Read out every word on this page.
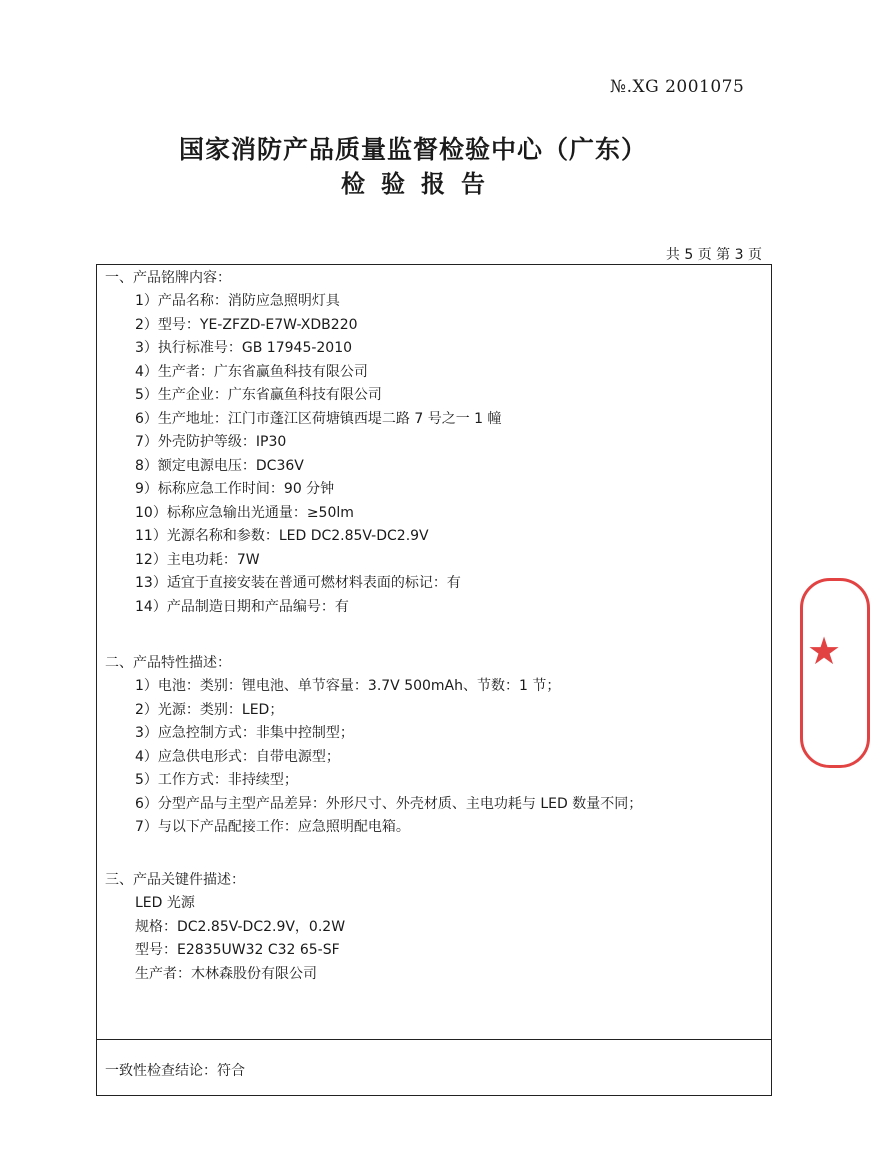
№.XG 2001075
国家消防产品质量监督检验中心（广东）
检验报告
共 5 页 第 3 页
一、产品铭牌内容：
1）产品名称：消防应急照明灯具
2）型号：YE-ZFZD-E7W-XDB220
3）执行标准号：GB 17945-2010
4）生产者：广东省赢鱼科技有限公司
5）生产企业：广东省赢鱼科技有限公司
6）生产地址：江门市蓬江区荷塘镇西堤二路 7 号之一 1 幢
7）外壳防护等级：IP30
8）额定电源电压：DC36V
9）标称应急工作时间：90 分钟
10）标称应急输出光通量：≥50lm
11）光源名称和参数：LED DC2.85V-DC2.9V
12）主电功耗：7W
13）适宜于直接安装在普通可燃材料表面的标记：有
14）产品制造日期和产品编号：有
二、产品特性描述：
1）电池：类别：锂电池、单节容量：3.7V 500mAh、节数：1 节；
2）光源：类别：LED；
3）应急控制方式：非集中控制型；
4）应急供电形式：自带电源型；
5）工作方式：非持续型；
6）分型产品与主型产品差异：外形尺寸、外壳材质、主电功耗与 LED 数量不同；
7）与以下产品配接工作：应急照明配电箱。
三、产品关键件描述：
LED 光源
规格：DC2.85V-DC2.9V，0.2W
型号：E2835UW32 C32 65-SF
生产者：木林森股份有限公司
一致性检查结论：符合
★
